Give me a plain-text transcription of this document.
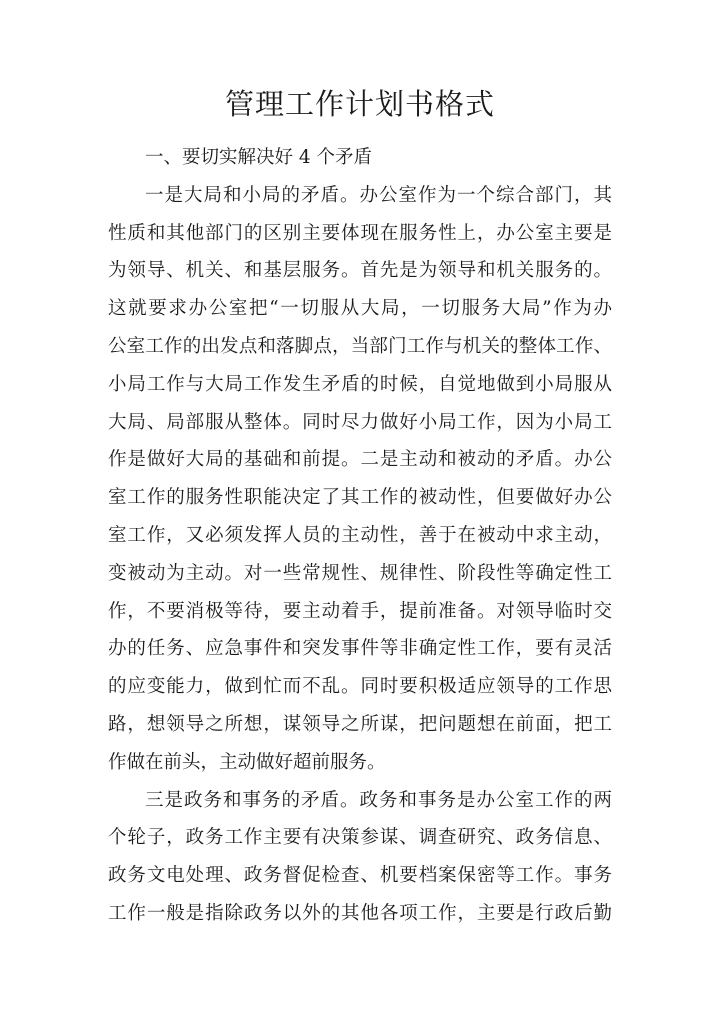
管理工作计划书格式
一、要切实解决好 4 个矛盾
一是大局和小局的矛盾。办公室作为一个综合部门，其
性质和其他部门的区别主要体现在服务性上，办公室主要是
为领导、机关、和基层服务。首先是为领导和机关服务的。
这就要求办公室把“一切服从大局，一切服务大局”作为办
公室工作的出发点和落脚点，当部门工作与机关的整体工作、
小局工作与大局工作发生矛盾的时候，自觉地做到小局服从
大局、局部服从整体。同时尽力做好小局工作，因为小局工
作是做好大局的基础和前提。二是主动和被动的矛盾。办公
室工作的服务性职能决定了其工作的被动性，但要做好办公
室工作，又必须发挥人员的主动性，善于在被动中求主动，
变被动为主动。对一些常规性、规律性、阶段性等确定性工
作，不要消极等待，要主动着手，提前准备。对领导临时交
办的任务、应急事件和突发事件等非确定性工作，要有灵活
的应变能力，做到忙而不乱。同时要积极适应领导的工作思
路，想领导之所想，谋领导之所谋，把问题想在前面，把工
作做在前头，主动做好超前服务。
三是政务和事务的矛盾。政务和事务是办公室工作的两
个轮子，政务工作主要有决策参谋、调查研究、政务信息、
政务文电处理、政务督促检查、机要档案保密等工作。事务
工作一般是指除政务以外的其他各项工作，主要是行政后勤
